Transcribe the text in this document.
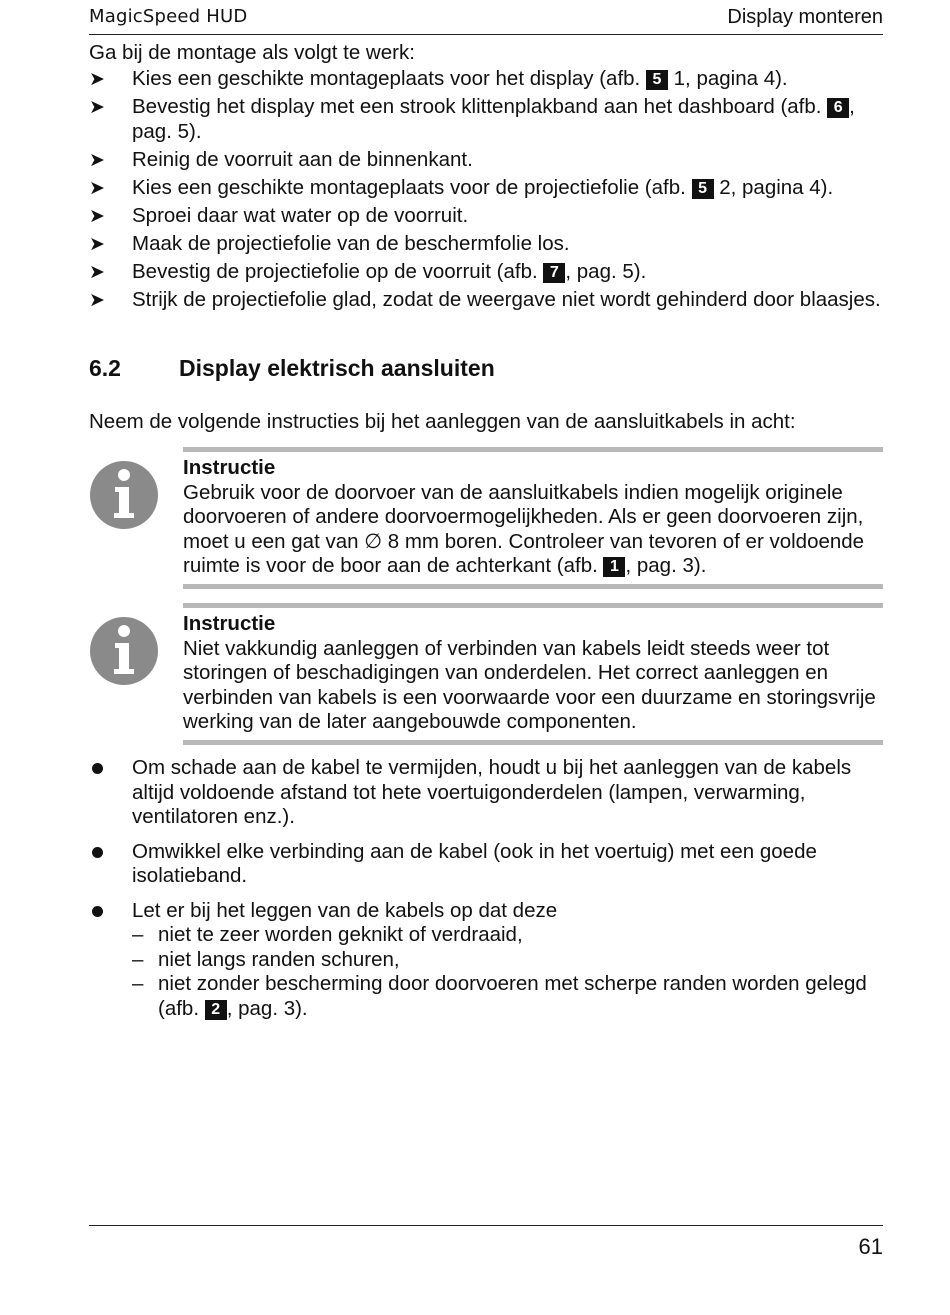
MagicSpeed HUD	Display monteren
Ga bij de montage als volgt te werk:
➤ Kies een geschikte montageplaats voor het display (afb. 5 1, pagina 4).
➤ Bevestig het display met een strook klittenplakband aan het dashboard (afb. 6 , pag. 5).
➤ Reinig de voorruit aan de binnenkant.
➤ Kies een geschikte montageplaats voor de projectiefolie (afb. 5 2, pagina 4).
➤ Sproei daar wat water op de voorruit.
➤ Maak de projectiefolie van de beschermfolie los.
➤ Bevestig de projectiefolie op de voorruit (afb. 7 , pag. 5).
➤ Strijk de projectiefolie glad, zodat de weergave niet wordt gehinderd door blaasjes.
6.2	Display elektrisch aansluiten
Neem de volgende instructies bij het aanleggen van de aansluitkabels in acht:
Instructie
Gebruik voor de doorvoer van de aansluitkabels indien mogelijk originele doorvoeren of andere doorvoermogelijkheden. Als er geen doorvoeren zijn, moet u een gat van ∅ 8 mm boren. Controleer van tevoren of er voldoende ruimte is voor de boor aan de achterkant (afb. 1 , pag. 3).
Instructie
Niet vakkundig aanleggen of verbinden van kabels leidt steeds weer tot storingen of beschadigingen van onderdelen. Het correct aanleggen en verbinden van kabels is een voorwaarde voor een duurzame en storingsvrije werking van de later aangebouwde componenten.
Om schade aan de kabel te vermijden, houdt u bij het aanleggen van de kabels altijd voldoende afstand tot hete voertuigonderdelen (lampen, verwarming, ventilatoren enz.).
Omwikkel elke verbinding aan de kabel (ook in het voertuig) met een goede isolatieband.
Let er bij het leggen van de kabels op dat deze
– niet te zeer worden geknikt of verdraaid,
– niet langs randen schuren,
– niet zonder bescherming door doorvoeren met scherpe randen worden gelegd (afb. 2 , pag. 3).
61
